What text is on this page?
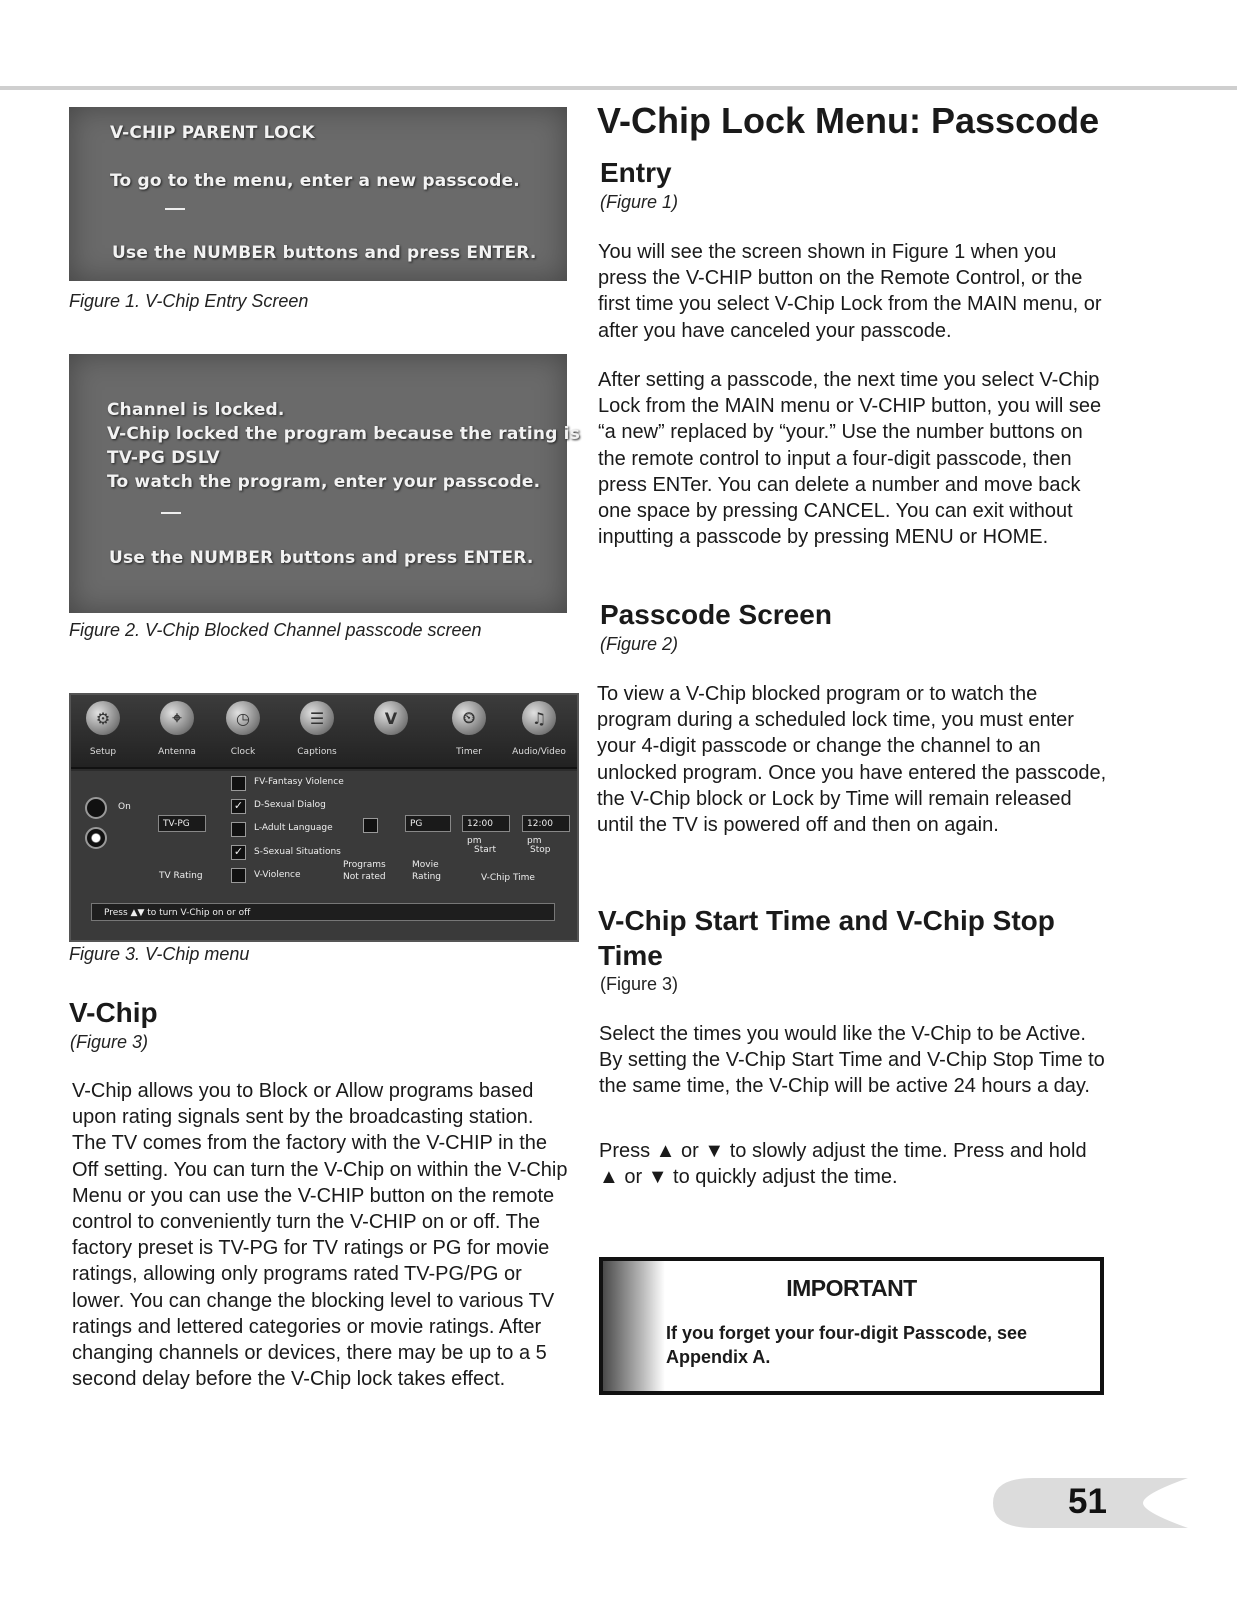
V-CHIP PARENT LOCK
To go to the menu, enter a new passcode.
Use the NUMBER buttons and press ENTER.
Figure 1. V-Chip Entry Screen
Channel is locked.
V-Chip locked the program because the rating is
TV-PG DSLV
To watch the program, enter your passcode.
Use the NUMBER buttons and press ENTER.
Figure 2. V-Chip Blocked Channel passcode screen
⚙
Setup
⌖
Antenna
◷
Clock
☰
Captions
V	⏲
Timer
♫
Audio/Video
On
TV-PG
TV Rating
FV-Fantasy Violence
✓	D-Sexual Dialog
L-Adult Language
✓	S-Sexual Situations
V-Violence
Programs Not rated
PG
Movie Rating
12:00 pm
12:00 pm
Start	Stop
V-Chip Time
Press ▲▼ to turn V-Chip on or off
Figure 3. V-Chip menu
V-Chip
(Figure 3)
V-Chip allows you to Block or Allow programs based upon rating signals sent by the broadcasting station. The TV comes from the factory with the V-CHIP in the Off setting. You can turn the V-Chip on within the V-Chip Menu or you can use the V-CHIP button on the remote control to conveniently turn the V-CHIP on or off. The factory preset is TV-PG for TV ratings or PG for movie ratings, allowing only programs rated TV-PG/PG or lower. You can change the blocking level to various TV ratings and lettered categories or movie ratings. After changing channels or devices, there may be up to a 5 second delay before the V-Chip lock takes effect.
V-Chip Lock Menu: Passcode
Entry
(Figure 1)
You will see the screen shown in Figure 1 when you press the V-CHIP button on the Remote Control, or the first time you select V-Chip Lock from the MAIN menu, or after you have canceled your passcode.
After setting a passcode, the next time you select V-Chip Lock from the MAIN menu or V-CHIP button, you will see “a new” replaced by “your.” Use the number buttons on the remote control to input a four-digit passcode, then press ENTer. You can delete a number and move back one space by pressing CANCEL. You can exit without inputting a passcode by pressing MENU or HOME.
Passcode Screen
(Figure 2)
To view a V-Chip blocked program or to watch the program during a scheduled lock time, you must enter your 4-digit passcode or change the channel to an unlocked program. Once you have entered the passcode, the V-Chip block or Lock by Time will remain released until the TV is powered off and then on again.
V-Chip Start Time and V-Chip Stop Time
(Figure 3)
Select the times you would like the V-Chip to be Active. By setting the V-Chip Start Time and V-Chip Stop Time to the same time, the V-Chip will be active 24 hours a day.
Press ▲ or ▼ to slowly adjust the time. Press and hold ▲ or ▼ to quickly adjust the time.
IMPORTANT
If you forget your four-digit Passcode, see Appendix A.
51
